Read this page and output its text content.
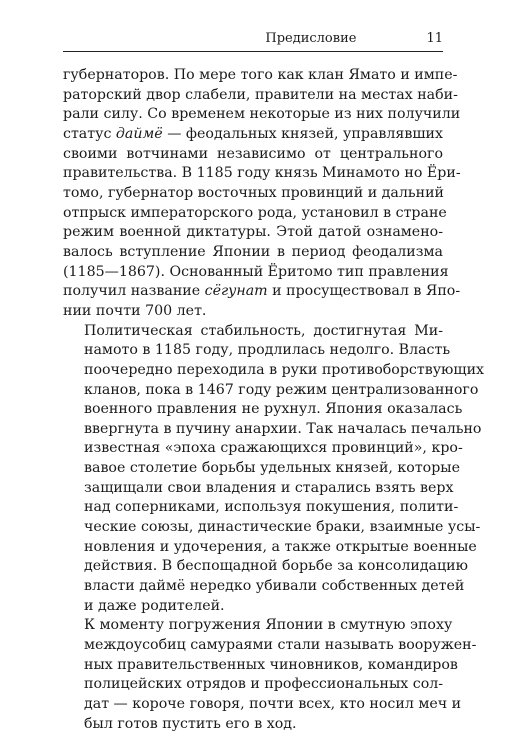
Предисловие	11

губернаторов. По мере того как клан Ямато и импе-
раторский двор слабели, правители на местах наби-
рали силу. Со временем некоторые из них получили
статус даймё — феодальных князей, управлявших
своими вотчинами независимо от центрального
правительства. В 1185 году князь Минамото но Ёри-
томо, губернатор восточных провинций и дальний
отпрыск императорского рода, установил в стране
режим военной диктатуры. Этой датой ознамено-
валось вступление Японии в период феодализма
(1185—1867). Основанный Ёритомо тип правления
получил название сёгунат и просуществовал в Япо-
нии почти 700 лет.

Политическая стабильность, достигнутая Ми-
намото в 1185 году, продлилась недолго. Власть
поочередно переходила в руки противоборствующих
кланов, пока в 1467 году режим централизованного
военного правления не рухнул. Япония оказалась
ввергнута в пучину анархии. Так началась печально
известная «эпоха сражающихся провинций», кро-
вавое столетие борьбы удельных князей, которые
защищали свои владения и старались взять верх
над соперниками, используя покушения, полити-
ческие союзы, династические браки, взаимные усы-
новления и удочерения, а также открытые военные
действия. В беспощадной борьбе за консолидацию
власти даймё нередко убивали собственных детей
и даже родителей.

К моменту погружения Японии в смутную эпоху
междоусобиц самураями стали называть вооружен-
ных правительственных чиновников, командиров
полицейских отрядов и профессиональных сол-
дат — короче говоря, почти всех, кто носил меч и
был готов пустить его в ход.
